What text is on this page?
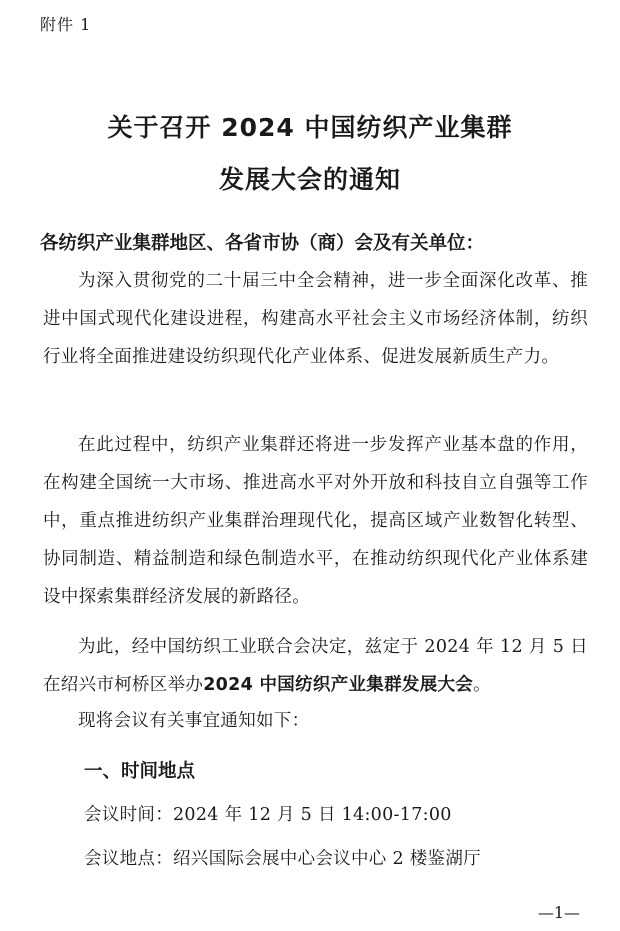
附件 1
关于召开 2024 中国纺织产业集群
发展大会的通知
各纺织产业集群地区、各省市协（商）会及有关单位：

为深入贯彻党的二十届三中全会精神，进一步全面深化改革、推进中国式现代化建设进程，构建高水平社会主义市场经济体制，纺织行业将全面推进建设纺织现代化产业体系、促进发展新质生产力。

在此过程中，纺织产业集群还将进一步发挥产业基本盘的作用，在构建全国统一大市场、推进高水平对外开放和科技自立自强等工作中，重点推进纺织产业集群治理现代化，提高区域产业数智化转型、协同制造、精益制造和绿色制造水平，在推动纺织现代化产业体系建设中探索集群经济发展的新路径。

为此，经中国纺织工业联合会决定，兹定于 2024 年 12 月 5 日在绍兴市柯桥区举办2024 中国纺织产业集群发展大会。

现将会议有关事宜通知如下：

一、时间地点
会议时间：2024 年 12 月 5 日 14:00-17:00
会议地点：绍兴国际会展中心会议中心 2 楼鉴湖厅
—1—
